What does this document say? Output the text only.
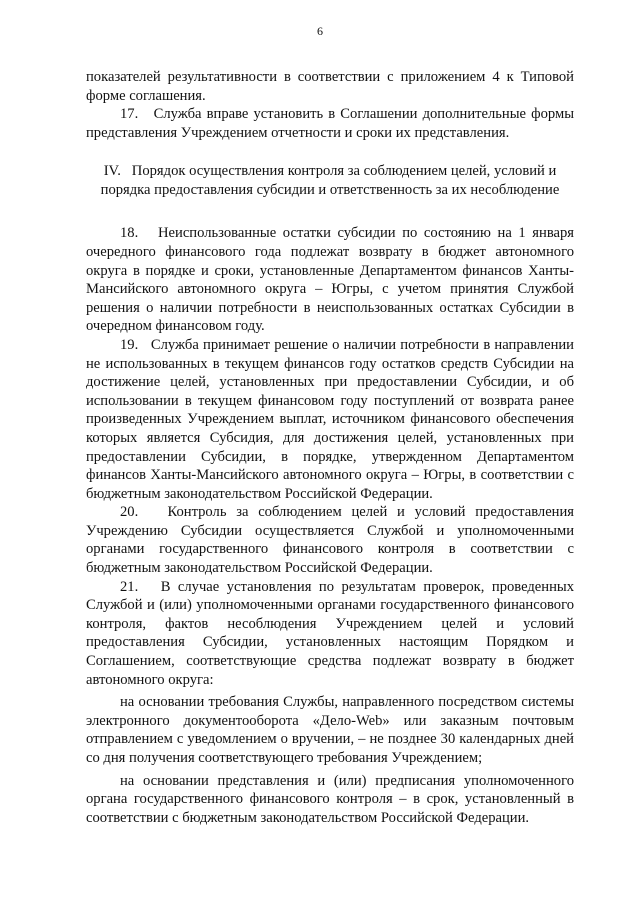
6

показателей результативности в соответствии с приложением 4 к Типовой форме соглашения.

17.   Служба вправе установить в Соглашении дополнительные формы представления Учреждением отчетности и сроки их представления.

IV.   Порядок осуществления контроля за соблюдением целей, условий и порядка предоставления субсидии и ответственность за их несоблюдение

18.   Неиспользованные остатки субсидии по состоянию на 1 января очередного финансового года подлежат возврату в бюджет автономного округа в порядке и сроки, установленные Департаментом финансов Ханты-Мансийского автономного округа – Югры, с учетом принятия Службой решения о наличии потребности в неиспользованных остатках Субсидии в очередном финансовом году.

19.   Служба принимает решение о наличии потребности в направлении не использованных в текущем финансов году остатков средств Субсидии на достижение целей, установленных при предоставлении Субсидии, и об использовании в текущем финансовом году поступлений от возврата ранее произведенных Учреждением выплат, источником финансового обеспечения которых является Субсидия, для достижения целей, установленных при предоставлении Субсидии, в порядке, утвержденном Департаментом финансов Ханты-Мансийского автономного округа – Югры, в соответствии с бюджетным законодательством Российской Федерации.

20.   Контроль за соблюдением целей и условий предоставления Учреждению Субсидии осуществляется Службой и уполномоченными органами государственного финансового контроля в соответствии с бюджетным законодательством Российской Федерации.

21.   В случае установления по результатам проверок, проведенных Службой и (или) уполномоченными органами государственного финансового контроля, фактов несоблюдения Учреждением целей и условий предоставления Субсидии, установленных настоящим Порядком и Соглашением, соответствующие средства подлежат возврату в бюджет автономного округа:

на основании требования Службы, направленного посредством системы электронного документооборота «Дело-Web» или заказным почтовым отправлением с уведомлением о вручении, – не позднее 30 календарных дней со дня получения соответствующего требования Учреждением;

на основании представления и (или) предписания уполномоченного органа государственного финансового контроля – в срок, установленный в соответствии с бюджетным законодательством Российской Федерации.
